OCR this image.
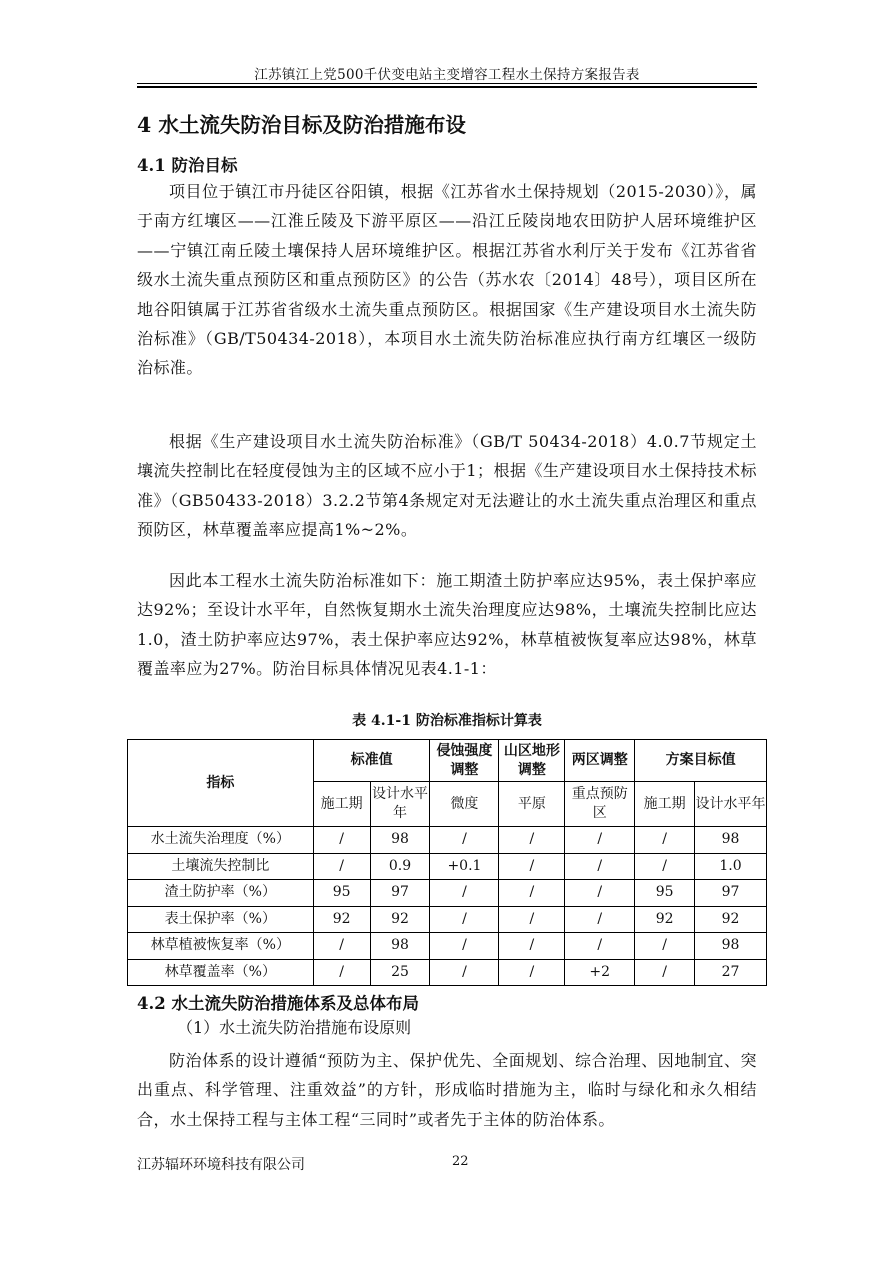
江苏镇江上党500千伏变电站主变增容工程水土保持方案报告表
4 水土流失防治目标及防治措施布设

4.1 防治目标

项目位于镇江市丹徒区谷阳镇，根据《江苏省水土保持规划（2015-2030）》，属于南方红壤区——江淮丘陵及下游平原区——沿江丘陵岗地农田防护人居环境维护区——宁镇江南丘陵土壤保持人居环境维护区。根据江苏省水利厅关于发布《江苏省省级水土流失重点预防区和重点预防区》的公告（苏水农〔2014〕48号），项目区所在地谷阳镇属于江苏省省级水土流失重点预防区。根据国家《生产建设项目水土流失防治标准》（GB/T50434-2018），本项目水土流失防治标准应执行南方红壤区一级防治标准。

根据《生产建设项目水土流失防治标准》（GB/T 50434-2018）4.0.7节规定土壤流失控制比在轻度侵蚀为主的区域不应小于1；根据《生产建设项目水土保持技术标准》（GB50433-2018）3.2.2节第4条规定对无法避让的水土流失重点治理区和重点预防区，林草覆盖率应提高1%~2%。

因此本工程水土流失防治标准如下：施工期渣土防护率应达95%，表土保护率应达92%；至设计水平年，自然恢复期水土流失治理度应达98%，土壤流失控制比应达1.0，渣土防护率应达97%，表土保护率应达92%，林草植被恢复率应达98%，林草覆盖率应为27%。防治目标具体情况见表4.1-1：

表 4.1-1 防治标准指标计算表
指标	标准值		侵蚀强度调整	山区地形调整	两区调整	方案目标值	
	施工期	设计水平年	微度	平原	重点预防区	施工期	设计水平年
水土流失治理度（%）	/	98	/	/	/	/	98
土壤流失控制比	/	0.9	+0.1	/	/	/	1.0
渣土防护率（%）	95	97	/	/	/	95	97
表土保护率（%）	92	92	/	/	/	92	92
林草植被恢复率（%）	/	98	/	/	/	/	98
林草覆盖率（%）	/	25	/	/	+2	/	27

4.2 水土流失防治措施体系及总体布局

（1）水土流失防治措施布设原则

防治体系的设计遵循“预防为主、保护优先、全面规划、综合治理、因地制宜、突出重点、科学管理、注重效益”的方针，形成临时措施为主，临时与绿化和永久相结合，水土保持工程与主体工程“三同时”或者先于主体的防治体系。

江苏辐环环境科技有限公司	22
